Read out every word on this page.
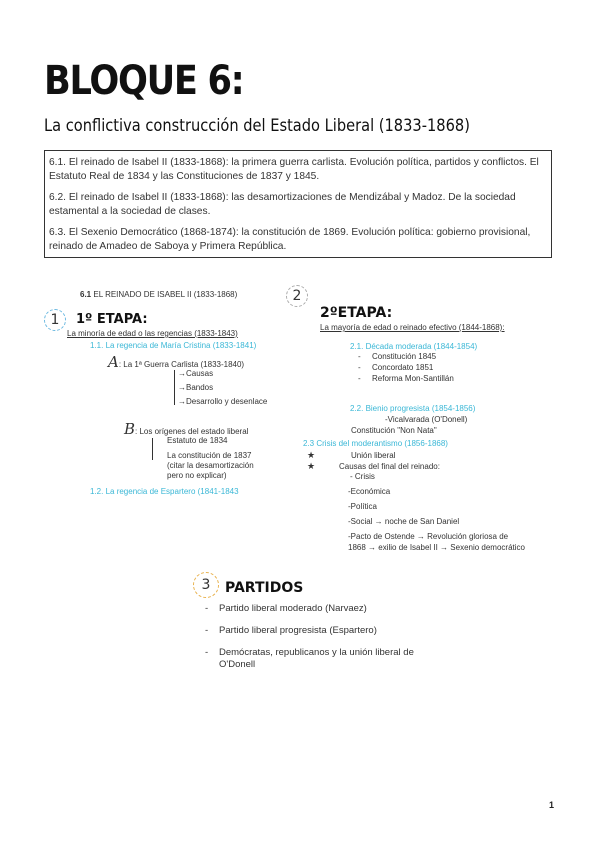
BLOQUE 6:
La conflictiva construcción del Estado Liberal (1833-1868)

6.1. El reinado de Isabel II (1833-1868): la primera guerra carlista. Evolución política, partidos y conflictos. El Estatuto Real de 1834 y las Constituciones de 1837 y 1845.

6.2. El reinado de Isabel II (1833-1868): las desamortizaciones de Mendizábal y Madoz. De la sociedad estamental a la sociedad de clases.

6.3. El Sexenio Democrático (1868-1874): la constitución de 1869. Evolución política: gobierno provisional, reinado de Amadeo de Saboya y Primera República.

6.1 EL REINADO DE ISABEL II (1833-1868)
1	1º ETAPA:
La minoría de edad o las regencias (1833-1843)
1.1. La regencia de María Cristina (1833-1841)
A: La 1ª Guerra Carlista (1833-1840)
→Causas
→Bandos
→Desarrollo y desenlace
B: Los orígenes del estado liberal
Estatuto de 1834
La constitución de 1837
(citar la desamortización
pero no explicar)
1.2. La regencia de Espartero (1841-1843
2
2ºETAPA:
La mayoría de edad o reinado efectivo (1844-1868):
2.1. Década moderada (1844-1854)
- Constitución 1845
- Concordato 1851
- Reforma Mon-Santillán
2.2. Bienio progresista (1854-1856)
-Vicalvarada (O'Donell)
Constitución "Non Nata"
2.3 Crisis del moderantismo (1856-1868)
★ Unión liberal
★ Causas del final del reinado:
- Crisis
-Económica
-Política
-Social → noche de San Daniel
-Pacto de Ostende → Revolución gloriosa de
1868 → exilio de Isabel II → Sexenio democrático
3	PARTIDOS
- Partido liberal moderado (Narvaez)
- Partido liberal progresista (Espartero)
- Demócratas, republicanos y la unión liberal de
O'Donell
1
